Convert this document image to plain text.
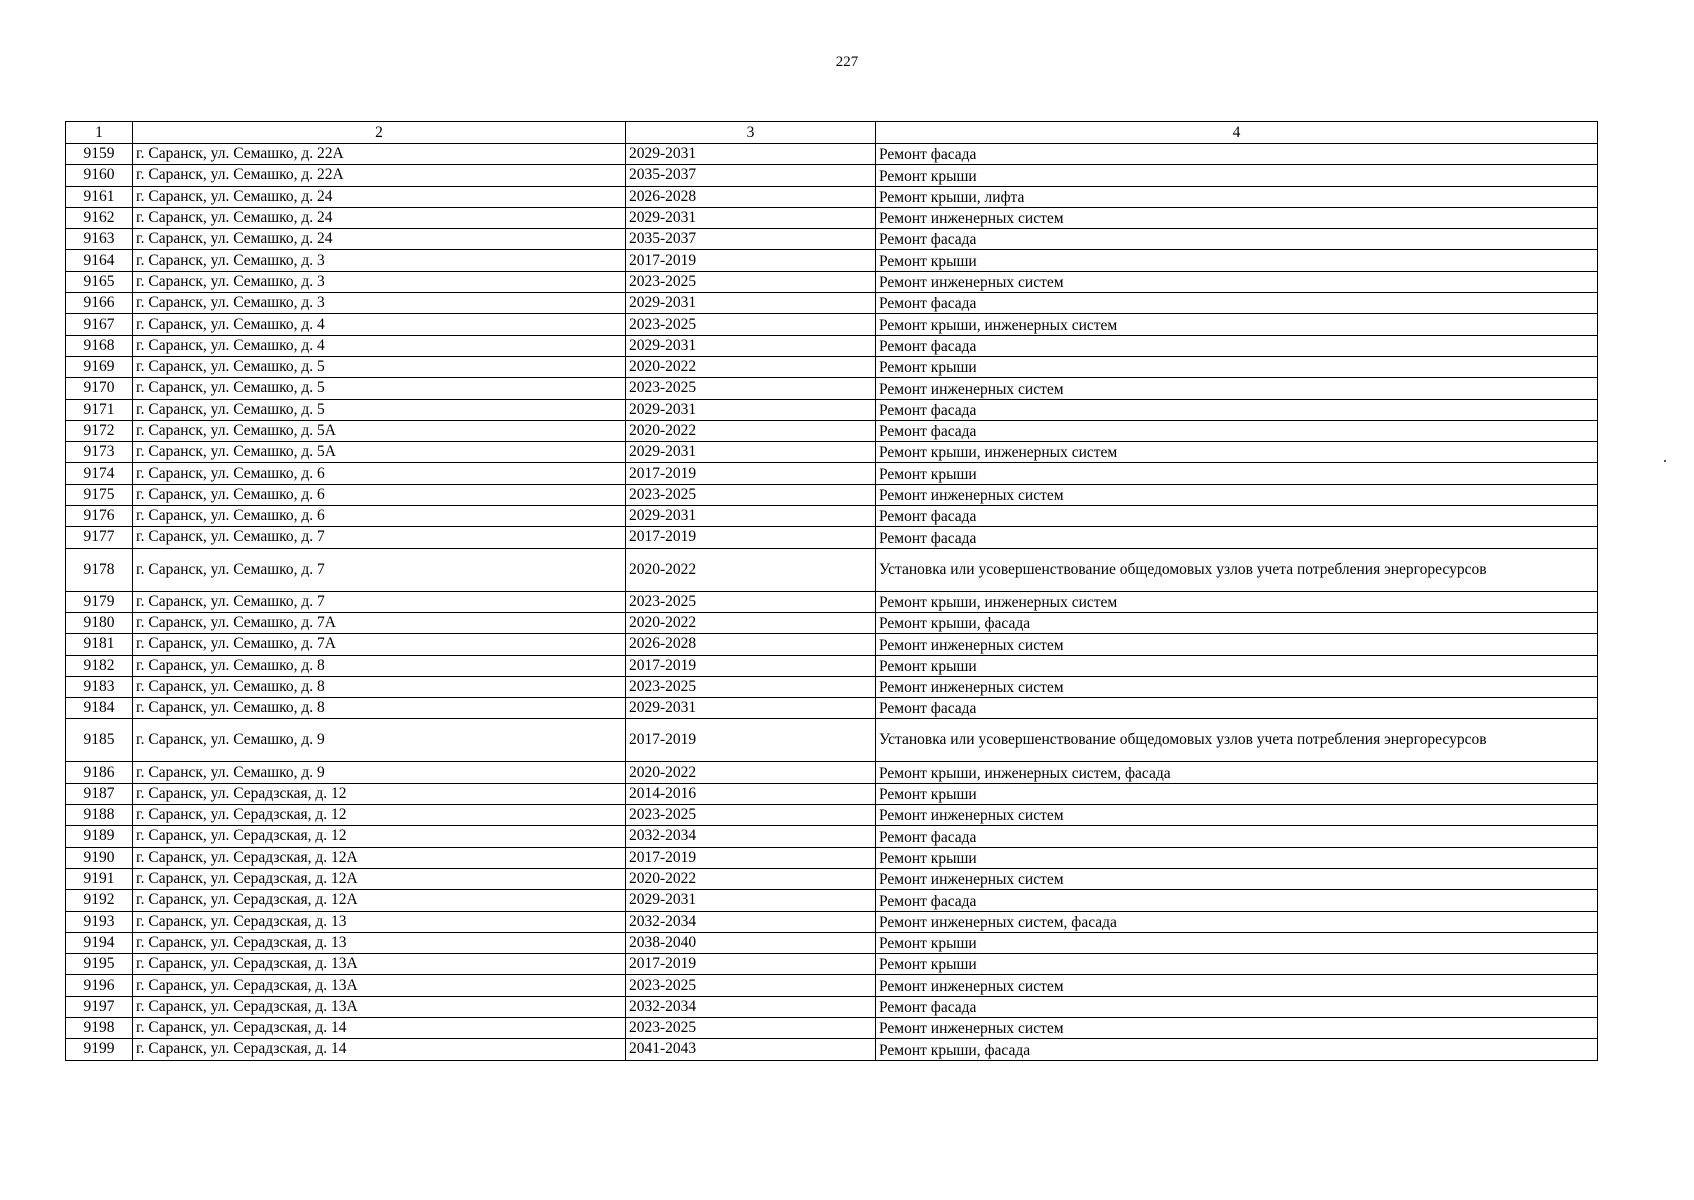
227
1	2	3	4
9159	г. Саранск, ул. Семашко, д. 22А	2029-2031	Ремонт фасада
9160	г. Саранск, ул. Семашко, д. 22А	2035-2037	Ремонт крыши
9161	г. Саранск, ул. Семашко, д. 24	2026-2028	Ремонт крыши, лифта
9162	г. Саранск, ул. Семашко, д. 24	2029-2031	Ремонт инженерных систем
9163	г. Саранск, ул. Семашко, д. 24	2035-2037	Ремонт фасада
9164	г. Саранск, ул. Семашко, д. 3	2017-2019	Ремонт крыши
9165	г. Саранск, ул. Семашко, д. 3	2023-2025	Ремонт инженерных систем
9166	г. Саранск, ул. Семашко, д. 3	2029-2031	Ремонт фасада
9167	г. Саранск, ул. Семашко, д. 4	2023-2025	Ремонт крыши, инженерных систем
9168	г. Саранск, ул. Семашко, д. 4	2029-2031	Ремонт фасада
9169	г. Саранск, ул. Семашко, д. 5	2020-2022	Ремонт крыши
9170	г. Саранск, ул. Семашко, д. 5	2023-2025	Ремонт инженерных систем
9171	г. Саранск, ул. Семашко, д. 5	2029-2031	Ремонт фасада
9172	г. Саранск, ул. Семашко, д. 5А	2020-2022	Ремонт фасада
9173	г. Саранск, ул. Семашко, д. 5А	2029-2031	Ремонт крыши, инженерных систем
9174	г. Саранск, ул. Семашко, д. 6	2017-2019	Ремонт крыши
9175	г. Саранск, ул. Семашко, д. 6	2023-2025	Ремонт инженерных систем
9176	г. Саранск, ул. Семашко, д. 6	2029-2031	Ремонт фасада
9177	г. Саранск, ул. Семашко, д. 7	2017-2019	Ремонт фасада
9178	г. Саранск, ул. Семашко, д. 7	2020-2022	Установка или усовершенствование общедомовых узлов учета потребления энергоресурсов
9179	г. Саранск, ул. Семашко, д. 7	2023-2025	Ремонт крыши, инженерных систем
9180	г. Саранск, ул. Семашко, д. 7А	2020-2022	Ремонт крыши, фасада
9181	г. Саранск, ул. Семашко, д. 7А	2026-2028	Ремонт инженерных систем
9182	г. Саранск, ул. Семашко, д. 8	2017-2019	Ремонт крыши
9183	г. Саранск, ул. Семашко, д. 8	2023-2025	Ремонт инженерных систем
9184	г. Саранск, ул. Семашко, д. 8	2029-2031	Ремонт фасада
9185	г. Саранск, ул. Семашко, д. 9	2017-2019	Установка или усовершенствование общедомовых узлов учета потребления энергоресурсов
9186	г. Саранск, ул. Семашко, д. 9	2020-2022	Ремонт крыши, инженерных систем, фасада
9187	г. Саранск, ул. Серадзская, д. 12	2014-2016	Ремонт крыши
9188	г. Саранск, ул. Серадзская, д. 12	2023-2025	Ремонт инженерных систем
9189	г. Саранск, ул. Серадзская, д. 12	2032-2034	Ремонт фасада
9190	г. Саранск, ул. Серадзская, д. 12А	2017-2019	Ремонт крыши
9191	г. Саранск, ул. Серадзская, д. 12А	2020-2022	Ремонт инженерных систем
9192	г. Саранск, ул. Серадзская, д. 12А	2029-2031	Ремонт фасада
9193	г. Саранск, ул. Серадзская, д. 13	2032-2034	Ремонт инженерных систем, фасада
9194	г. Саранск, ул. Серадзская, д. 13	2038-2040	Ремонт крыши
9195	г. Саранск, ул. Серадзская, д. 13А	2017-2019	Ремонт крыши
9196	г. Саранск, ул. Серадзская, д. 13А	2023-2025	Ремонт инженерных систем
9197	г. Саранск, ул. Серадзская, д. 13А	2032-2034	Ремонт фасада
9198	г. Саранск, ул. Серадзская, д. 14	2023-2025	Ремонт инженерных систем
9199	г. Саранск, ул. Серадзская, д. 14	2041-2043	Ремонт крыши, фасада
